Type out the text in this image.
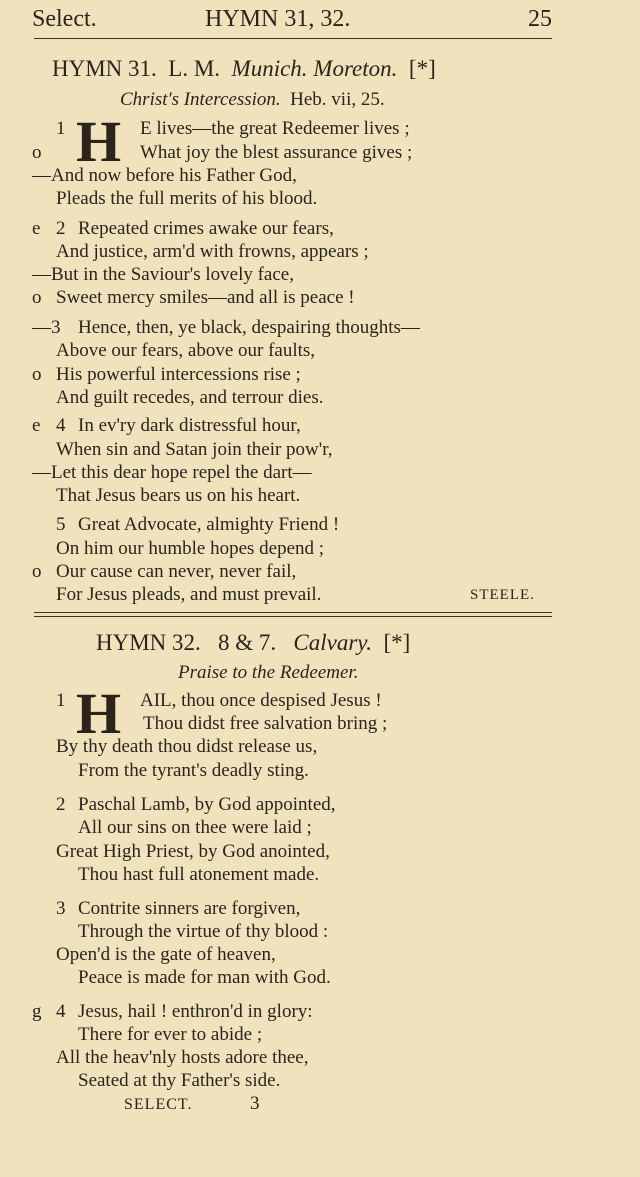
Select.	HYMN 31, 32.	25
HYMN 31. L. M. Munich. Moreton. [*]
Christ's Intercession. Heb. vii, 25.
1 H E lives—the great Redeemer lives ;
o	What joy the blest assurance gives ;
—And now before his Father God,
Pleads the full merits of his blood.
e 2 Repeated crimes awake our fears,
And justice, arm'd with frowns, appears ;
—But in the Saviour's lovely face,
o Sweet mercy smiles—and all is peace !
—3 Hence, then, ye black, despairing thoughts—
Above our fears, above our faults,
o His powerful intercessions rise ;
And guilt recedes, and terrour dies.
e 4 In ev'ry dark distressful hour,
When sin and Satan join their pow'r,
—Let this dear hope repel the dart—
That Jesus bears us on his heart.
5 Great Advocate, almighty Friend !
On him our humble hopes depend ;
o Our cause can never, never fail,
For Jesus pleads, and must prevail.	STEELE.
HYMN 32. 8 & 7. Calvary. [*]
Praise to the Redeemer.
1 H AIL, thou once despised Jesus !
Thou didst free salvation bring ;
By thy death thou didst release us,
From the tyrant's deadly sting.
2 Paschal Lamb, by God appointed,
All our sins on thee were laid ;
Great High Priest, by God anointed,
Thou hast full atonement made.
3 Contrite sinners are forgiven,
Through the virtue of thy blood :
Open'd is the gate of heaven,
Peace is made for man with God.
g 4 Jesus, hail ! enthron'd in glory:
There for ever to abide ;
All the heav'nly hosts adore thee,
Seated at thy Father's side.
SELECT.	3
